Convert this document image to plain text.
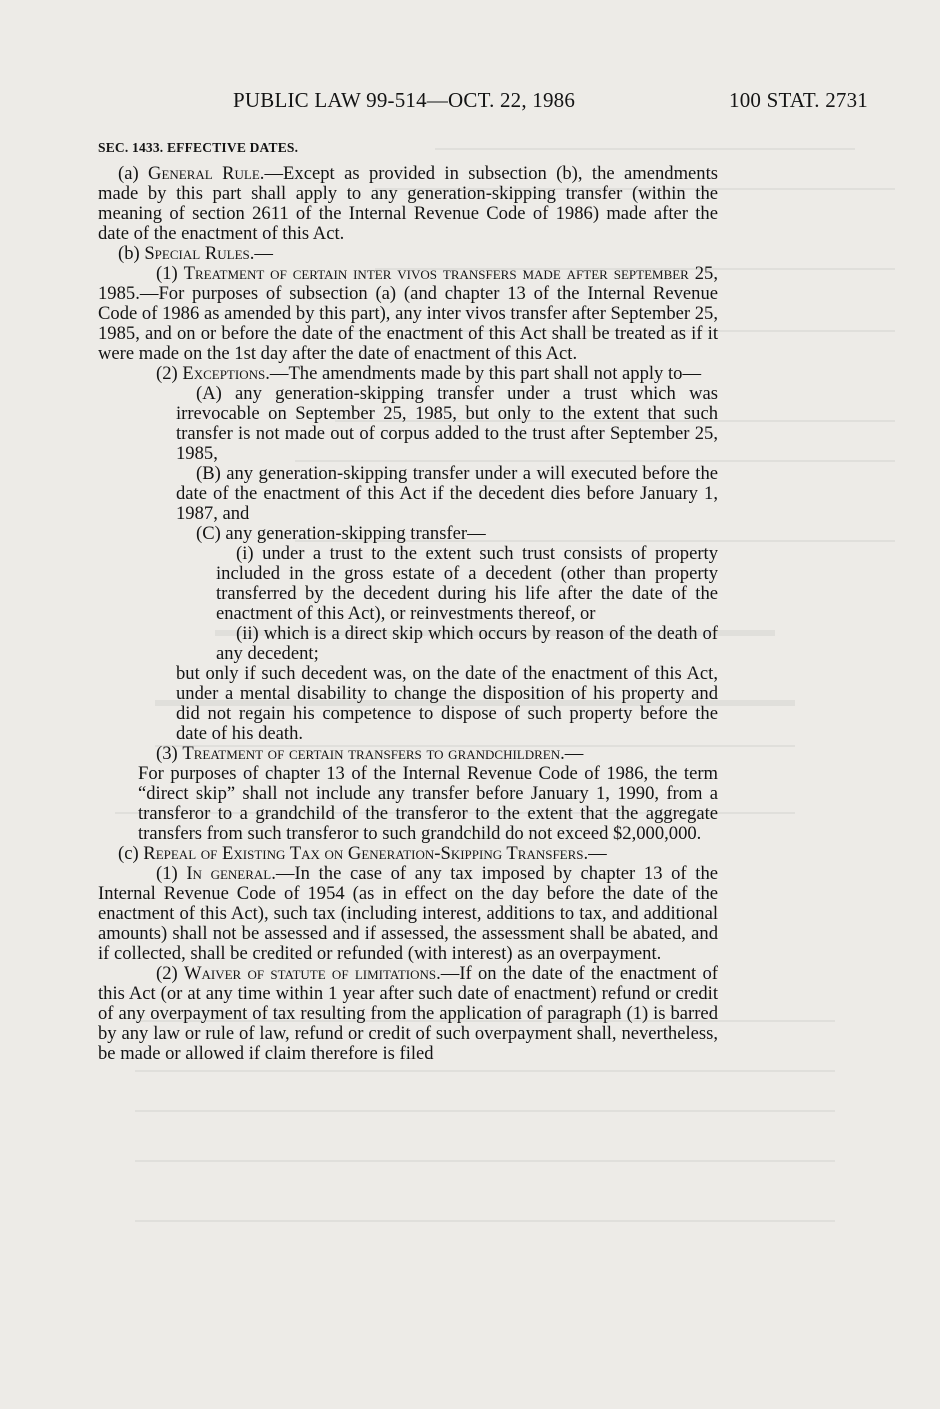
PUBLIC LAW 99-514—OCT. 22, 1986	100 STAT. 2731

SEC. 1433. EFFECTIVE DATES.

(a) General Rule.—Except as provided in subsection (b), the amendments made by this part shall apply to any generation-skipping transfer (within the meaning of section 2611 of the Internal Revenue Code of 1986) made after the date of the enactment of this Act.

(b) Special Rules.—

(1) Treatment of certain inter vivos transfers made after september 25, 1985.—For purposes of subsection (a) (and chapter 13 of the Internal Revenue Code of 1986 as amended by this part), any inter vivos transfer after September 25, 1985, and on or before the date of the enactment of this Act shall be treated as if it were made on the 1st day after the date of enactment of this Act.

(2) Exceptions.—The amendments made by this part shall not apply to—

(A) any generation-skipping transfer under a trust which was irrevocable on September 25, 1985, but only to the extent that such transfer is not made out of corpus added to the trust after September 25, 1985,

(B) any generation-skipping transfer under a will executed before the date of the enactment of this Act if the decedent dies before January 1, 1987, and

(C) any generation-skipping transfer—

(i) under a trust to the extent such trust consists of property included in the gross estate of a decedent (other than property transferred by the decedent during his life after the date of the enactment of this Act), or reinvestments thereof, or

(ii) which is a direct skip which occurs by reason of the death of any decedent;

but only if such decedent was, on the date of the enactment of this Act, under a mental disability to change the disposition of his property and did not regain his competence to dispose of such property before the date of his death.

(3) Treatment of certain transfers to grandchildren.—

For purposes of chapter 13 of the Internal Revenue Code of 1986, the term “direct skip” shall not include any transfer before January 1, 1990, from a transferor to a grandchild of the transferor to the extent that the aggregate transfers from such transferor to such grandchild do not exceed $2,000,000.

(c) Repeal of Existing Tax on Generation-Skipping Transfers.—

(1) In general.—In the case of any tax imposed by chapter 13 of the Internal Revenue Code of 1954 (as in effect on the day before the date of the enactment of this Act), such tax (including interest, additions to tax, and additional amounts) shall not be assessed and if assessed, the assessment shall be abated, and if collected, shall be credited or refunded (with interest) as an overpayment.

(2) Waiver of statute of limitations.—If on the date of the enactment of this Act (or at any time within 1 year after such date of enactment) refund or credit of any overpayment of tax resulting from the application of paragraph (1) is barred by any law or rule of law, refund or credit of such overpayment shall, nevertheless, be made or allowed if claim therefore is filed
